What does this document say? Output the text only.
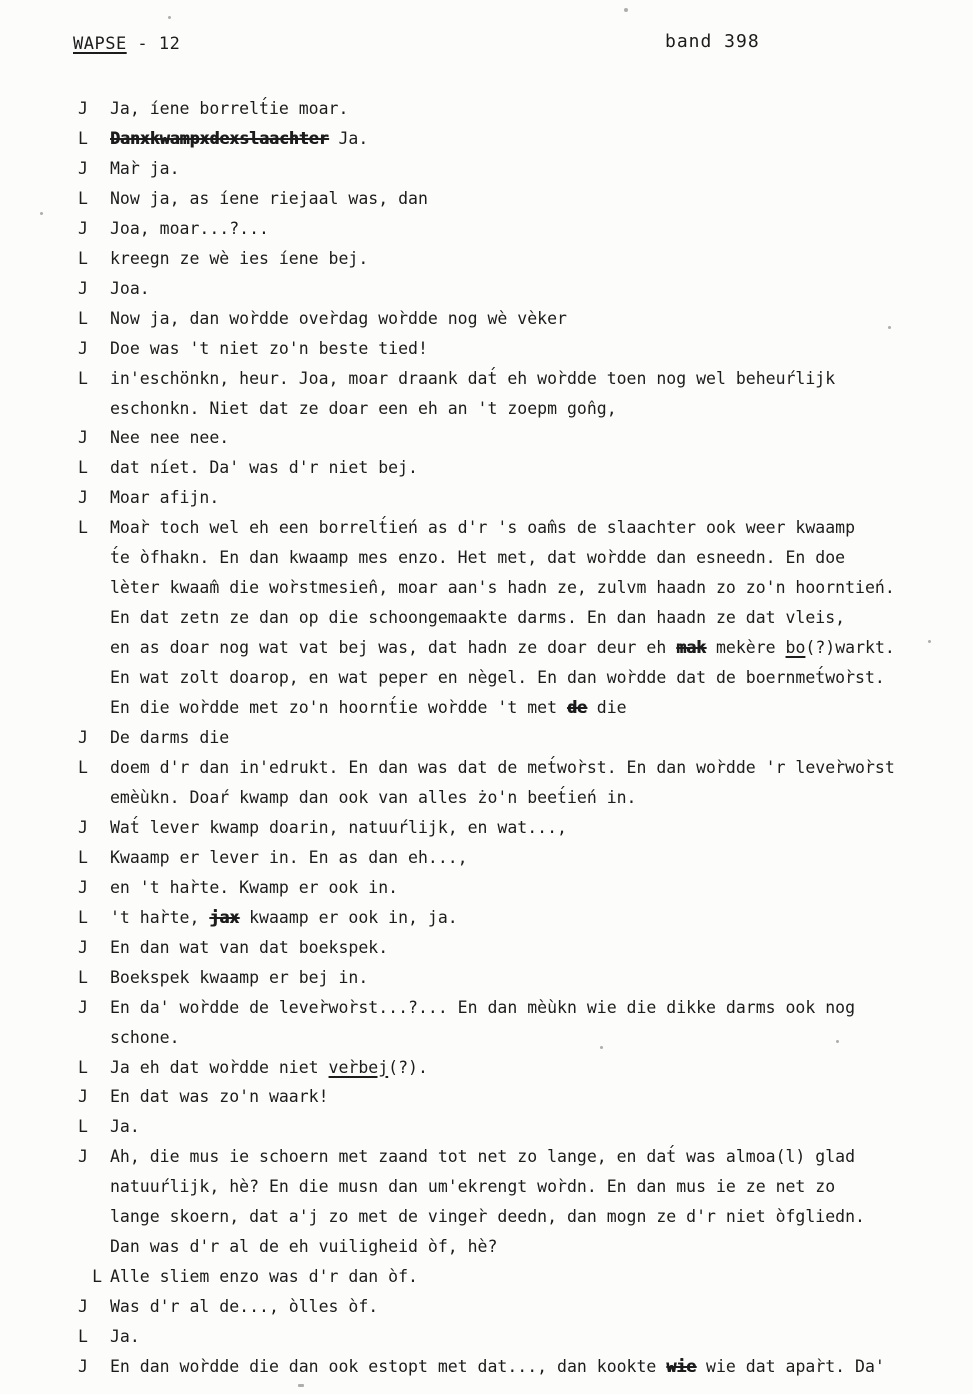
WAPSE - 12	band 398
J	Ja, íene borrelt́ie moar.
L	Danxkwampxdexslaachter Ja.
J	Mar̀ ja.
L	Now ja, as íene riejaal was, dan
J	Joa, moar...?...
L	kreegn ze wè ies íene bej.
J	Joa.
L	Now ja, dan wor̀dde over̀dag wor̀dde nog wè vèker
J	Doe was 't niet zo'n beste tied!
L	in'eschönkn, heur. Joa, moar draank dat́ eh wor̀dde toen nog wel beheuŕlijk
eschonkn. Niet dat ze doar een eh an 't zoepm gon̂g,
J	Nee nee nee.
L	dat níet. Da' was d'r niet bej.
J	Moar afijn.
L	Moar̀ toch wel eh een borrelt́ień as d'r 's oam̂s de slaachter ook weer kwaamp
t́e òfhakn. En dan kwaamp mes enzo. Het met, dat wor̀dde dan esneedn. En doe
lèter kwaam̂ die wor̀stmesien̂, moar aan's hadn ze, zulvm haadn zo zo'n hoorntień.
En dat zetn ze dan op die schoongemaakte darms. En dan haadn ze dat vleis,
en as doar nog wat vat bej was, dat hadn ze doar deur eh mak mekère bo(?)warkt.
En wat zolt doarop, en wat peper en nègel. En dan wor̀dde dat de boernmet́wor̀st.
En die wor̀dde met zo'n hoornt́ie wor̀dde 't met de die
J	De darms die
L	doem d'r dan in'edrukt. En dan was dat de met́wor̀st. En dan wor̀dde 'r lever̀wor̀st
emèùkn. Doaŕ kwamp dan ook van alles żo'n beet́ień in.
J	Wat́ lever kwamp doarin, natuuŕlijk, en wat...,
L	Kwaamp er lever in. En as dan eh...,
J	en 't har̀te. Kwamp er ook in.
L	't har̀te, jax kwaamp er ook in, ja.
J	En dan wat van dat boekspek.
L	Boekspek kwaamp er bej in.
J	En da' wor̀dde de lever̀wor̀st...?... En dan mèùkn wie die dikke darms ook nog
schone.
L	Ja eh dat wor̀dde niet ver̀bej(?).
J	En dat was zo'n waark!
L	Ja.
J	Ah, die mus ie schoern met zaand tot net zo lange, en dat́ was almoa(l) glad
natuuŕlijk, hè? En die musn dan um'ekrengt wor̀dn. En dan mus ie ze net zo
lange skoern, dat a'j zo met de vinger̀ deedn, dan mogn ze d'r niet òfgliedn.
Dan was d'r al de eh vuiligheid òf, hè?
L Alle sliem enzo was d'r dan òf.
J	Was d'r al de..., òlles òf.
L	Ja.
J	En dan wor̀dde die dan ook estopt met dat..., dan kookte wie wie dat apar̀t. Da'
